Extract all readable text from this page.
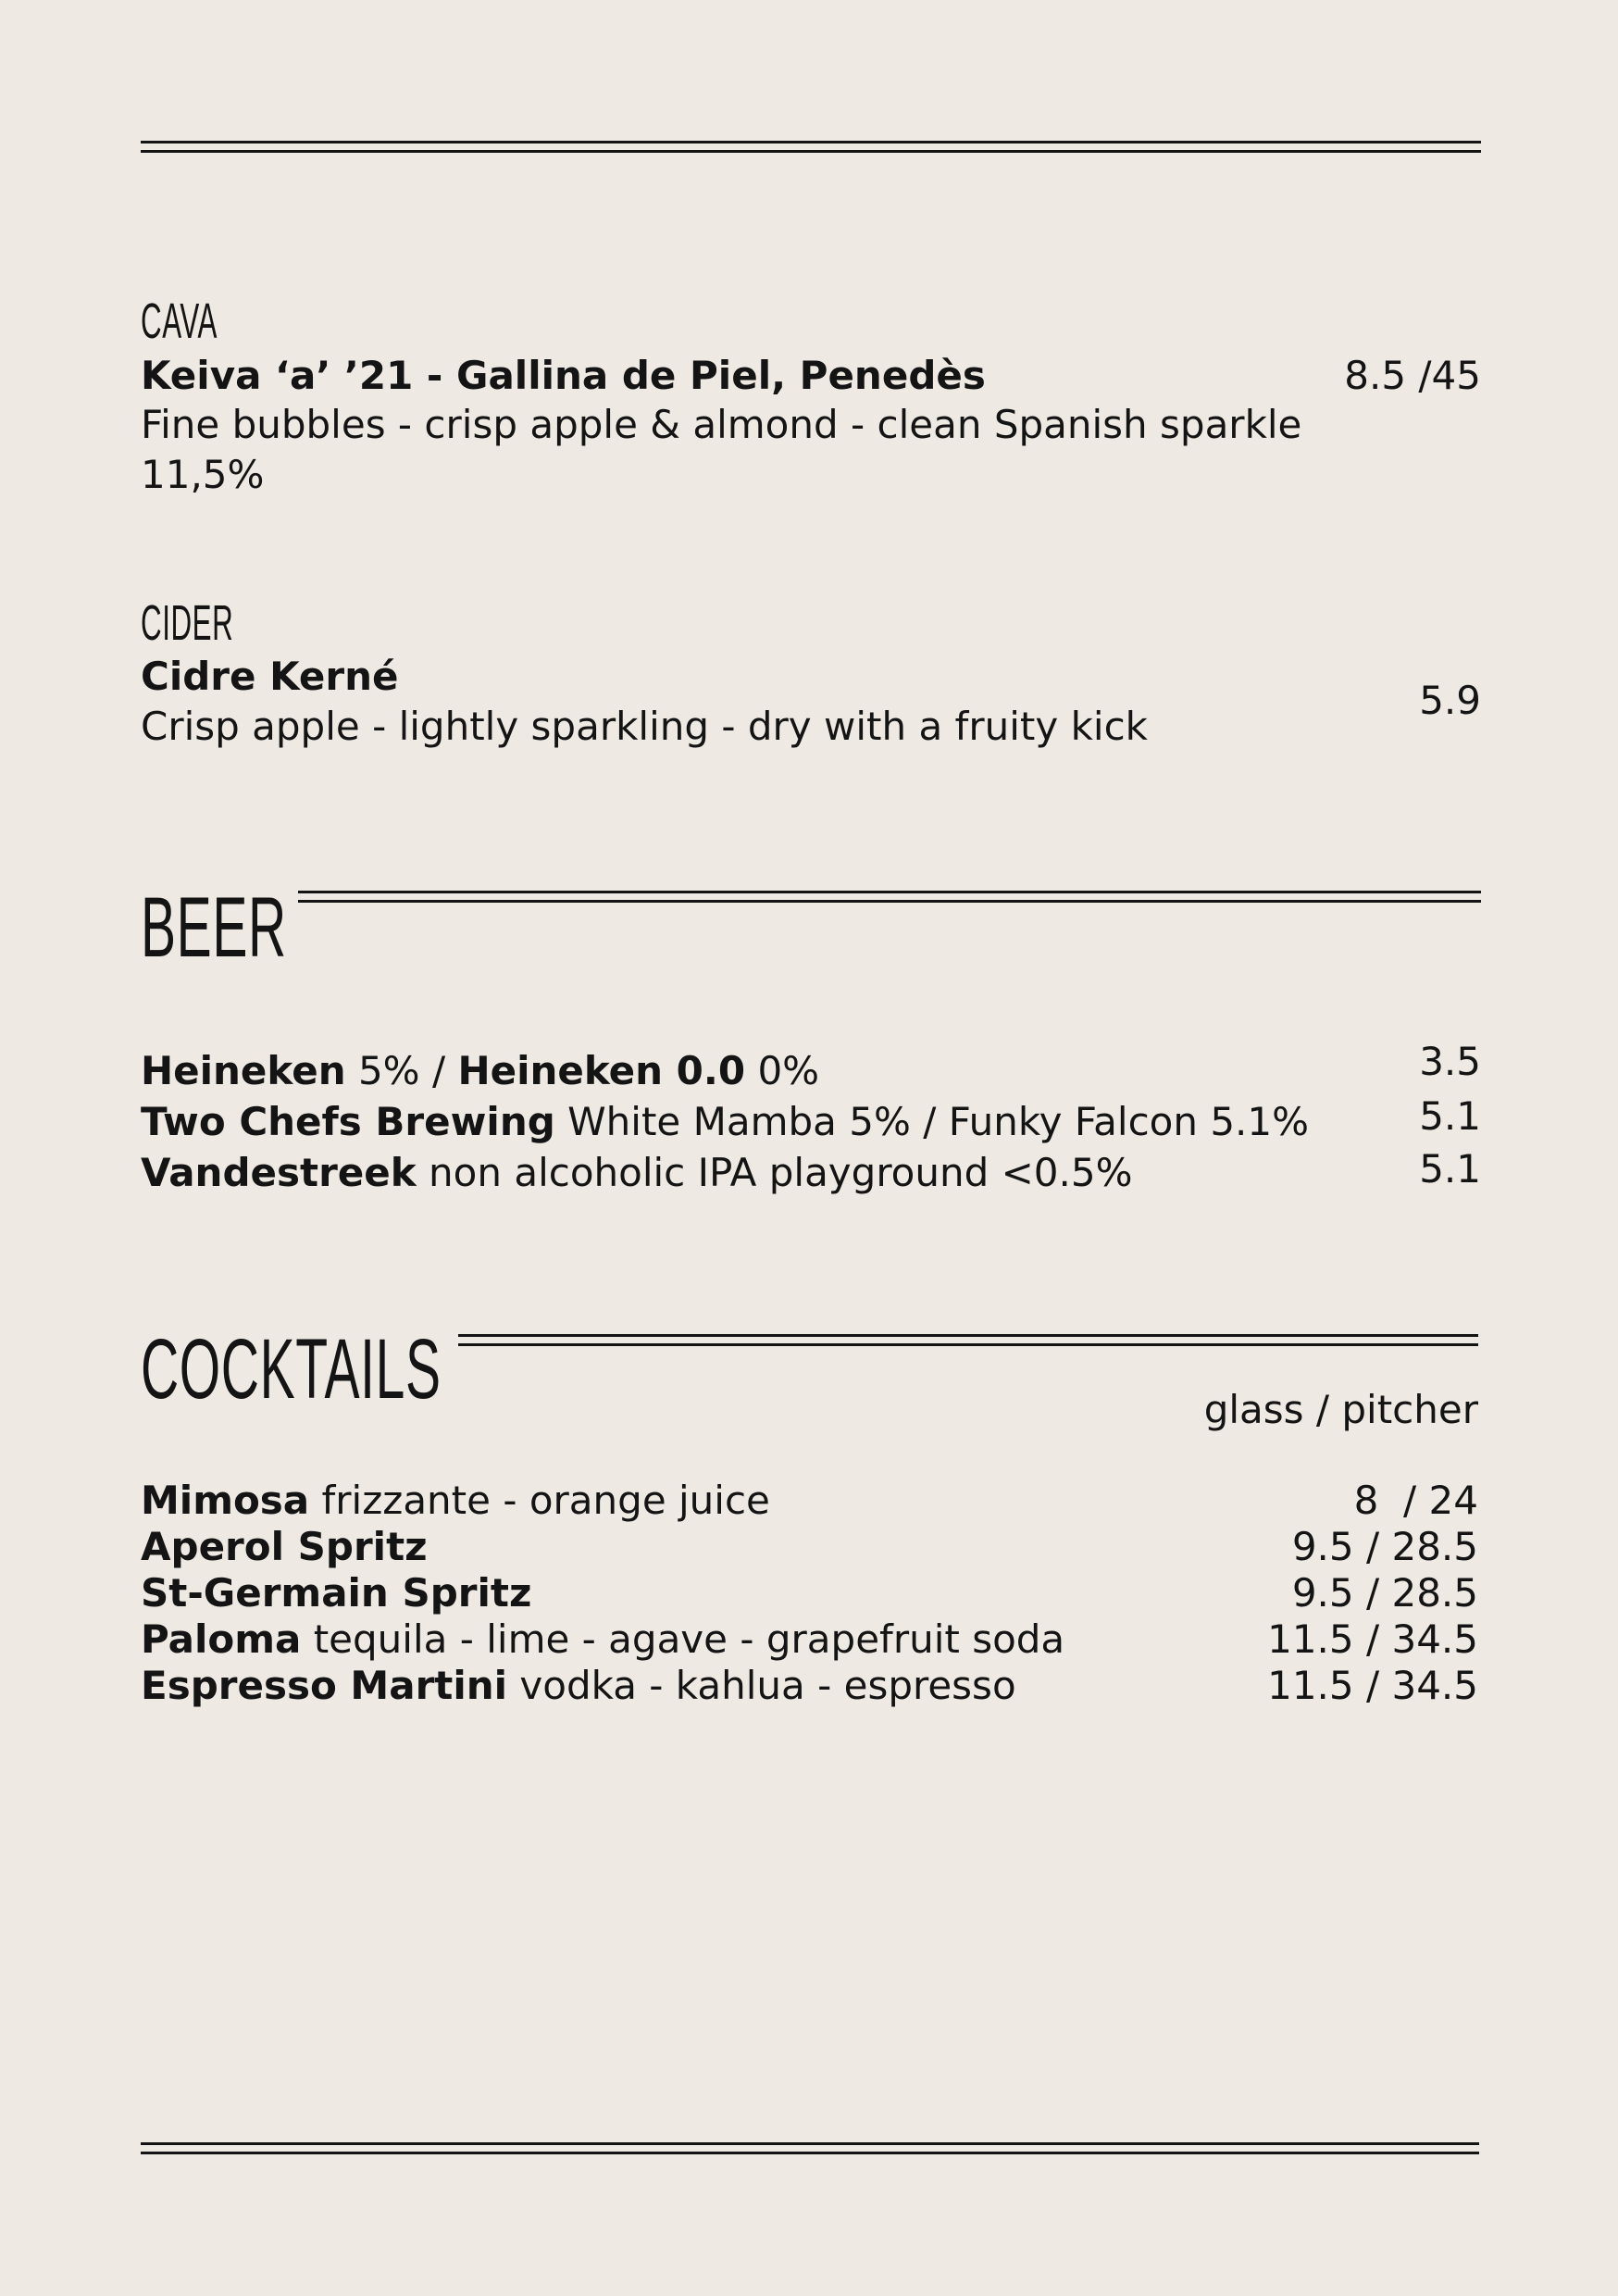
CAVA
Keiva ‘a’ ’21 - Gallina de Piel, Penedès
Fine bubbles - crisp apple & almond - clean Spanish sparkle
11,5%
8.5 /45
CIDER
Cidre Kerné
Crisp apple - lightly sparkling - dry with a fruity kick
5.9
BEER
Heineken 5% / Heineken 0.0 0%	3.5
Two Chefs Brewing White Mamba 5% / Funky Falcon 5.1%	5.1
Vandestreek non alcoholic IPA playground <0.5%	5.1
COCKTAILS	glass / pitcher
Mimosa frizzante - orange juice	8  / 24
Aperol Spritz	9.5 / 28.5
St-Germain Spritz	9.5 / 28.5
Paloma tequila - lime - agave - grapefruit soda	11.5 / 34.5
Espresso Martini vodka - kahlua - espresso	11.5 / 34.5
